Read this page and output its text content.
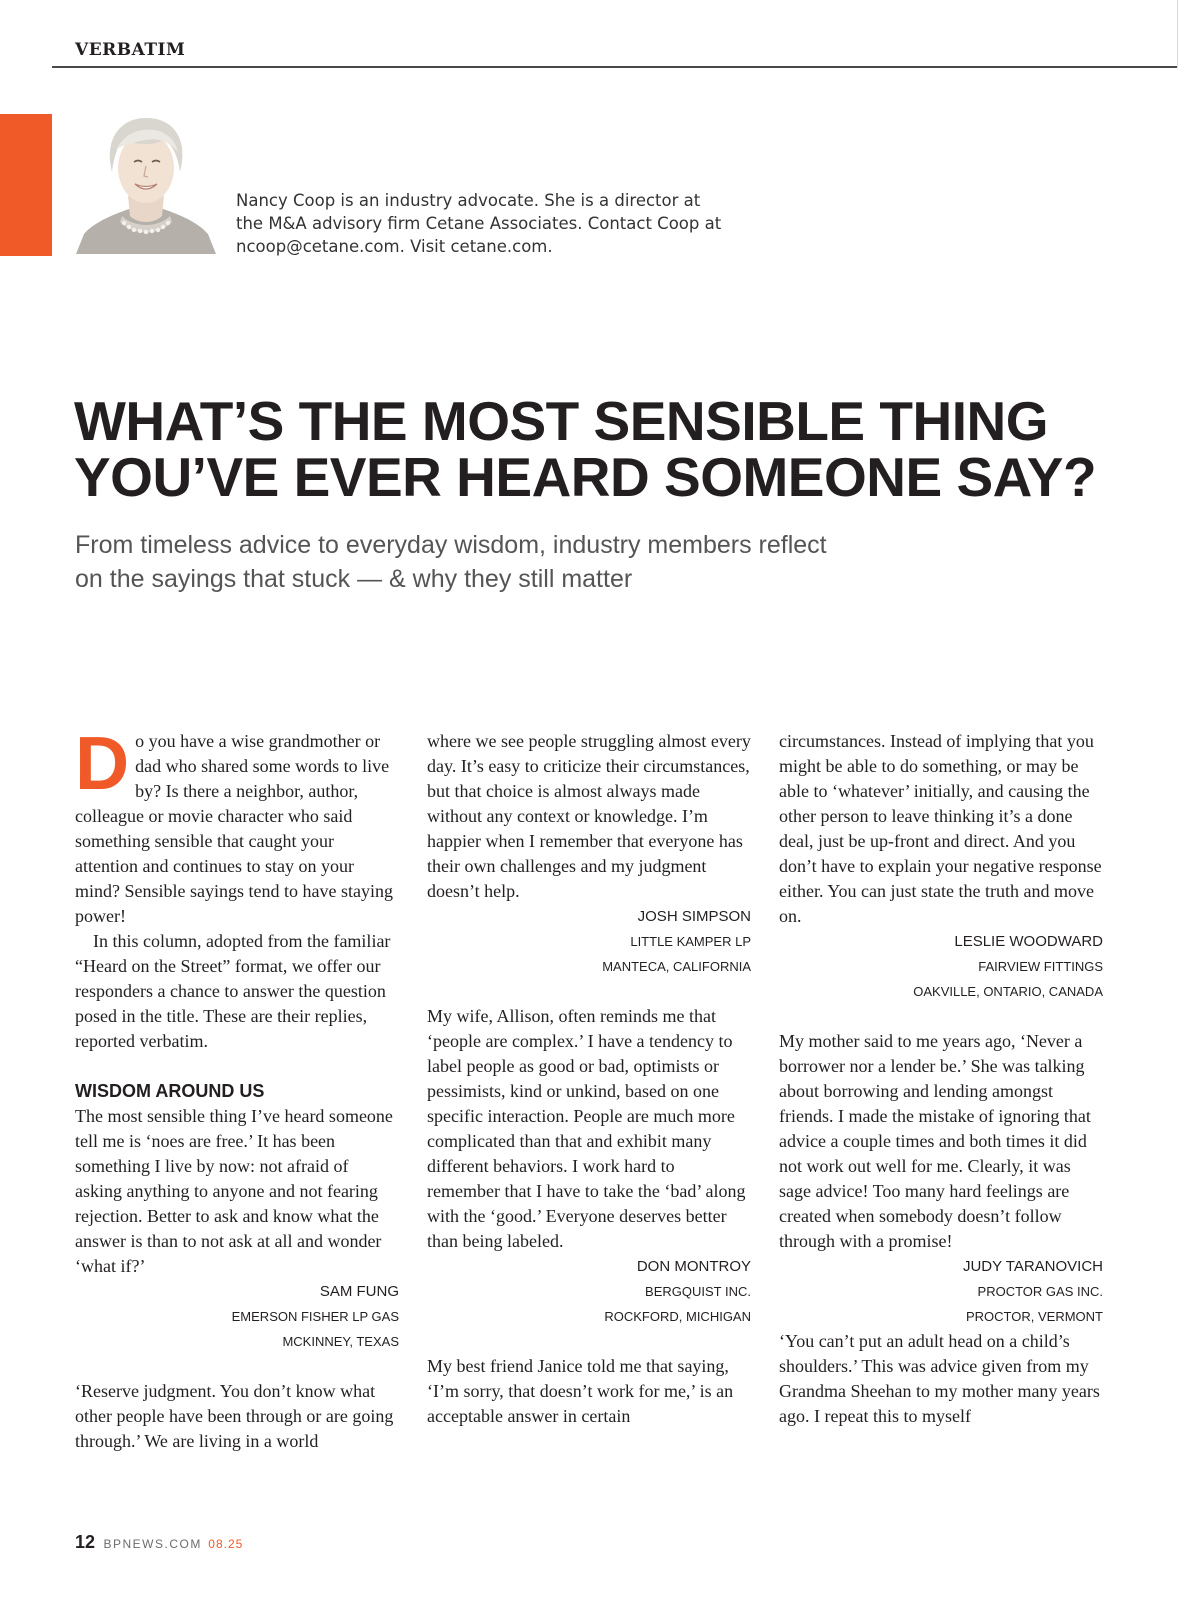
VERBATIM
Nancy Coop is an industry advocate. She is a director at
the M&A advisory firm Cetane Associates. Contact Coop at
ncoop@cetane.com. Visit cetane.com.
WHAT’S THE MOST SENSIBLE THING
YOU’VE EVER HEARD SOMEONE SAY?
From timeless advice to everyday wisdom, industry members reflect
on the sayings that stuck — & why they still matter

Do you have a wise grandmother or dad who shared some words to live by? Is there a neighbor, author, colleague or movie character who said something sensible that caught your attention and continues to stay on your mind? Sensible sayings tend to have staying power!

In this column, adopted from the familiar “Heard on the Street” format, we offer our responders a chance to answer the question posed in the title. These are their replies, reported verbatim.

WISDOM AROUND US

The most sensible thing I’ve heard someone tell me is ‘noes are free.’ It has been something I live by now: not afraid of asking anything to anyone and not fearing rejection. Better to ask and know what the answer is than to not ask at all and wonder ‘what if?’

SAM FUNG
EMERSON FISHER LP GAS
MCKINNEY, TEXAS

‘Reserve judgment. You don’t know what other people have been through or are going through.’ We are living in a world

where we see people struggling almost every day. It’s easy to criticize their circumstances, but that choice is almost always made without any context or knowledge. I’m happier when I remember that everyone has their own challenges and my judgment doesn’t help.

JOSH SIMPSON
LITTLE KAMPER LP
MANTECA, CALIFORNIA

My wife, Allison, often reminds me that ‘people are complex.’ I have a tendency to label people as good or bad, optimists or pessimists, kind or unkind, based on one specific interaction. People are much more complicated than that and exhibit many different behaviors. I work hard to remember that I have to take the ‘bad’ along with the ‘good.’ Everyone deserves better than being labeled.

DON MONTROY
BERGQUIST INC.
ROCKFORD, MICHIGAN

My best friend Janice told me that saying, ‘I’m sorry, that doesn’t work for me,’ is an acceptable answer in certain

circumstances. Instead of implying that you might be able to do something, or may be able to ‘whatever’ initially, and causing the other person to leave thinking it’s a done deal, just be up-front and direct. And you don’t have to explain your negative response either. You can just state the truth and move on.

LESLIE WOODWARD
FAIRVIEW FITTINGS
OAKVILLE, ONTARIO, CANADA

My mother said to me years ago, ‘Never a borrower nor a lender be.’ She was talking about borrowing and lending amongst friends. I made the mistake of ignoring that advice a couple times and both times it did not work out well for me. Clearly, it was sage advice! Too many hard feelings are created when somebody doesn’t follow through with a promise!

JUDY TARANOVICH
PROCTOR GAS INC.
PROCTOR, VERMONT

‘You can’t put an adult head on a child’s shoulders.’ This was advice given from my Grandma Sheehan to my mother many years ago. I repeat this to myself

12 BPNEWS.COM 08.25
